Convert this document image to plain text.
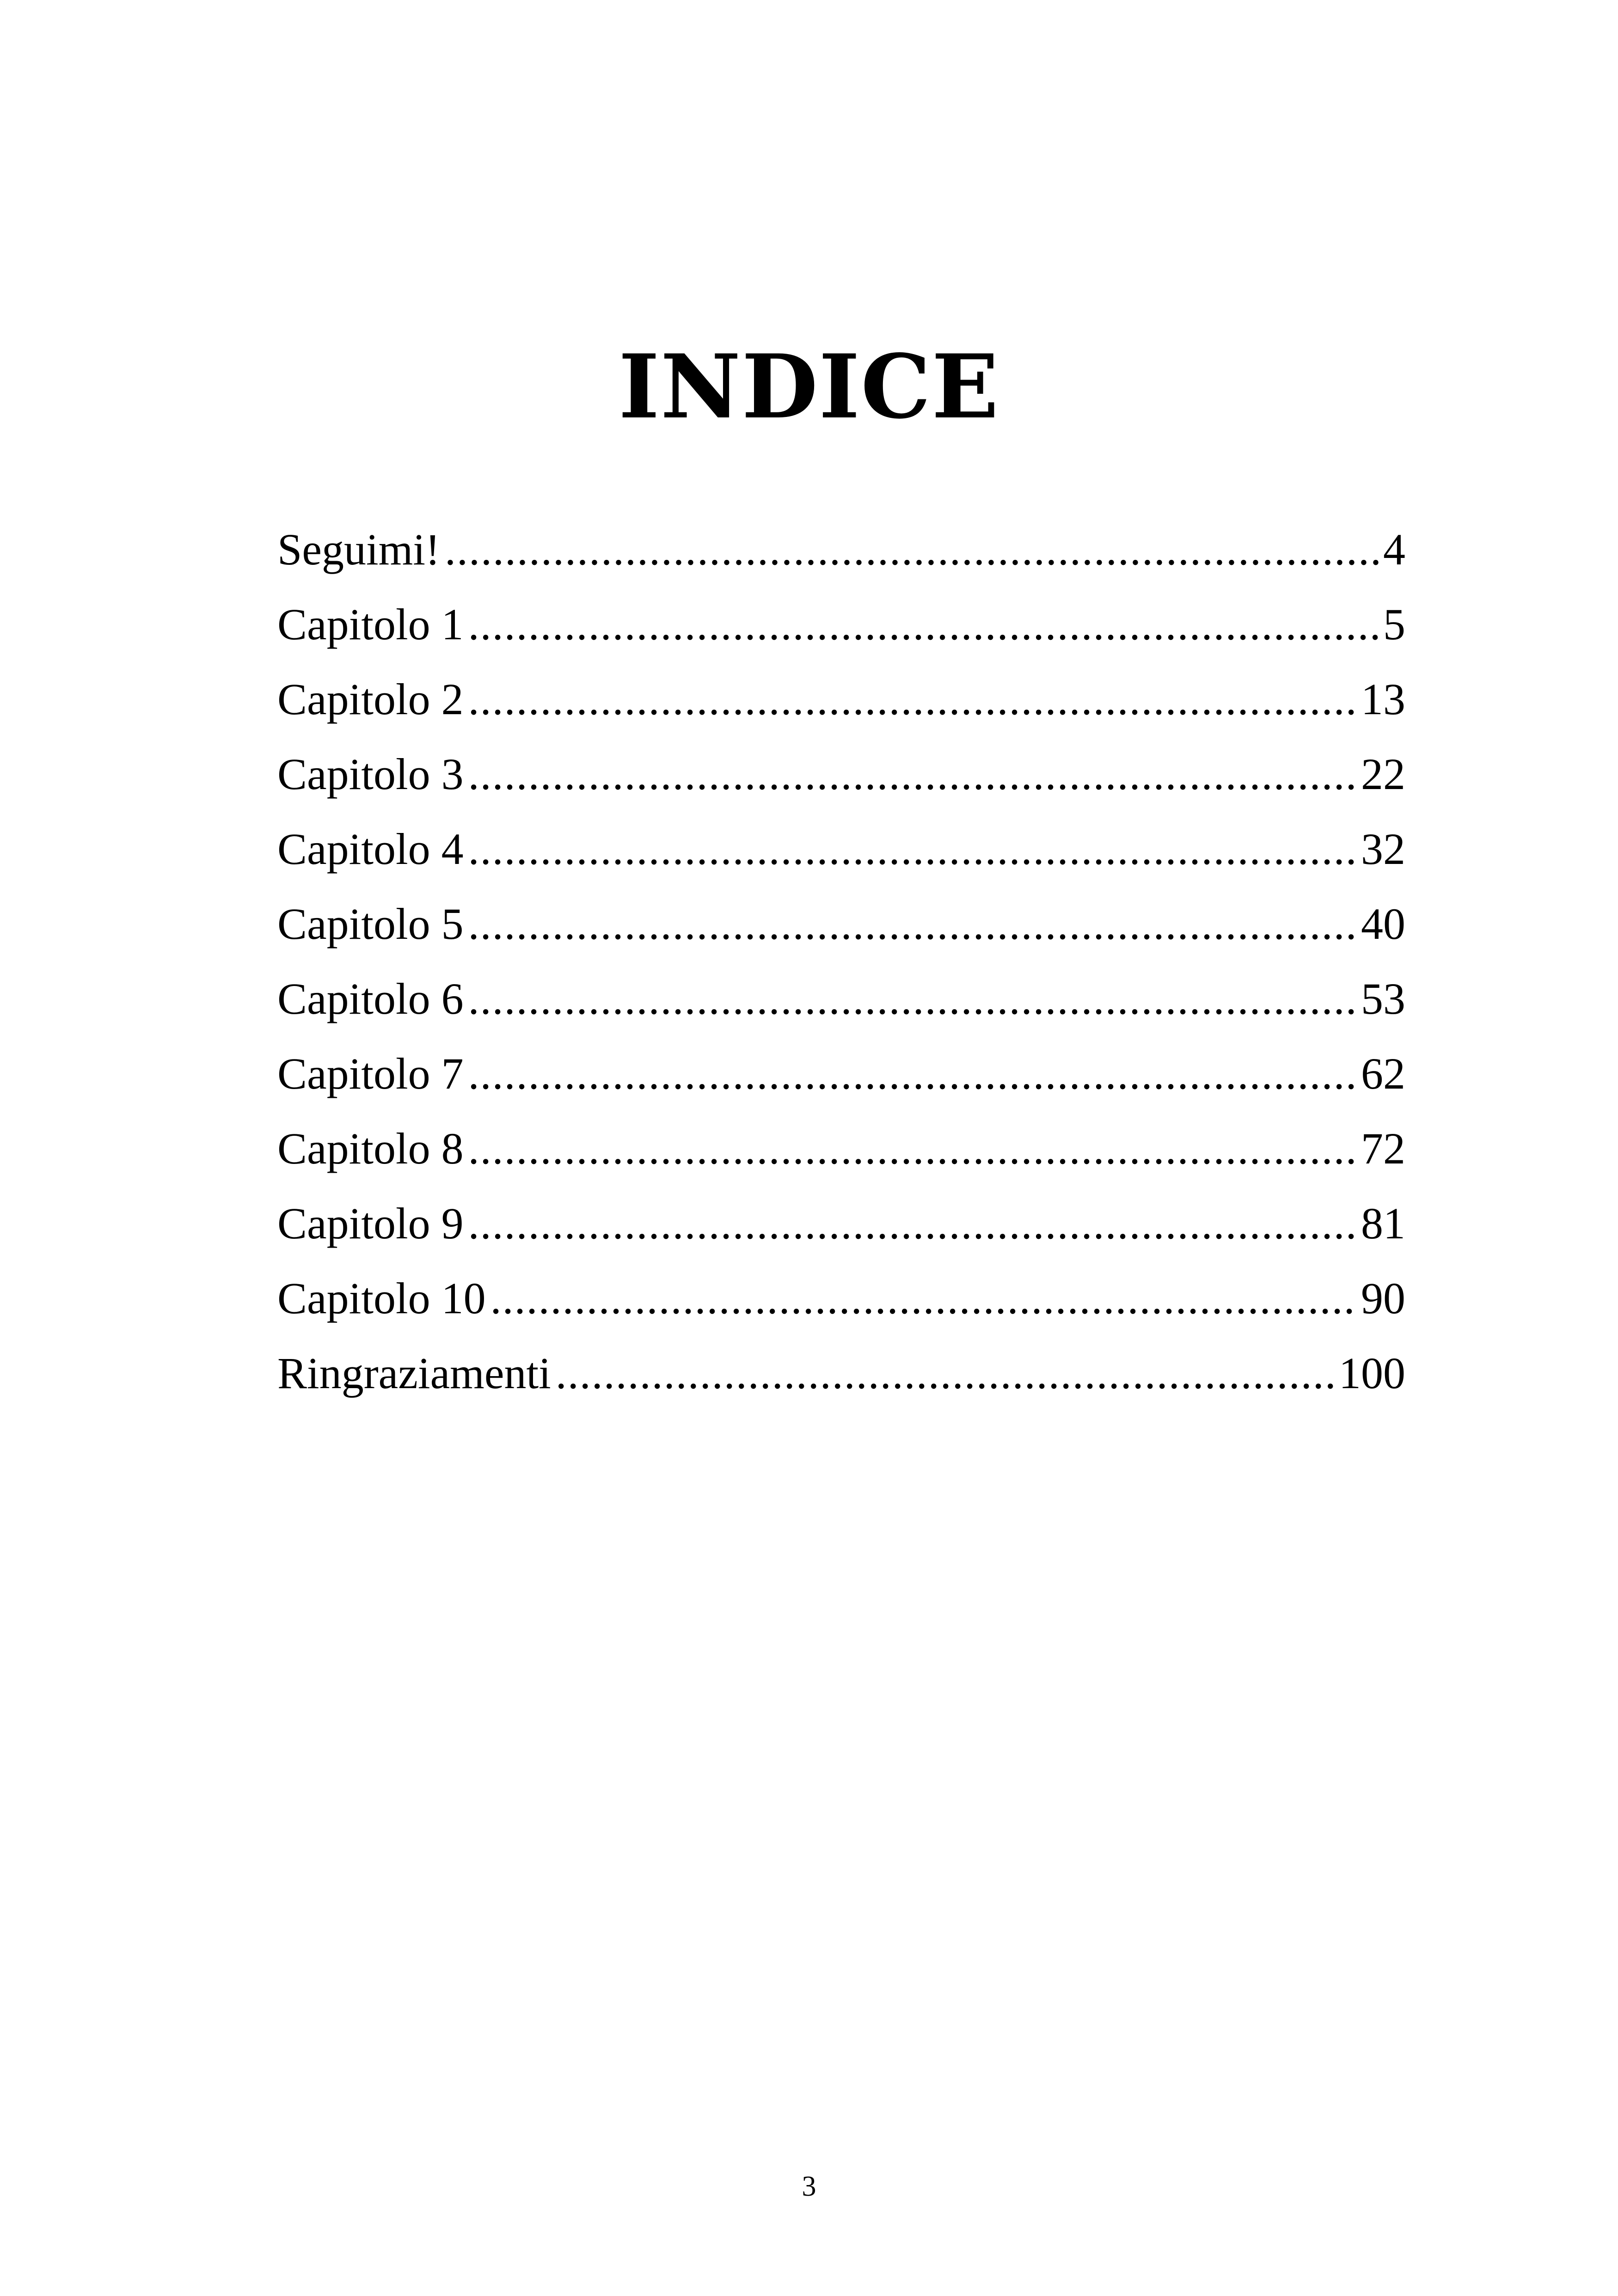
INDICE
Seguimi! .....	4
Capitolo 1 .....	5
Capitolo 2 .....	13
Capitolo 3 .....	22
Capitolo 4 .....	32
Capitolo 5 .....	40
Capitolo 6 .....	53
Capitolo 7 .....	62
Capitolo 8 .....	72
Capitolo 9 .....	81
Capitolo 10 .....	90
Ringraziamenti .....	100
3
